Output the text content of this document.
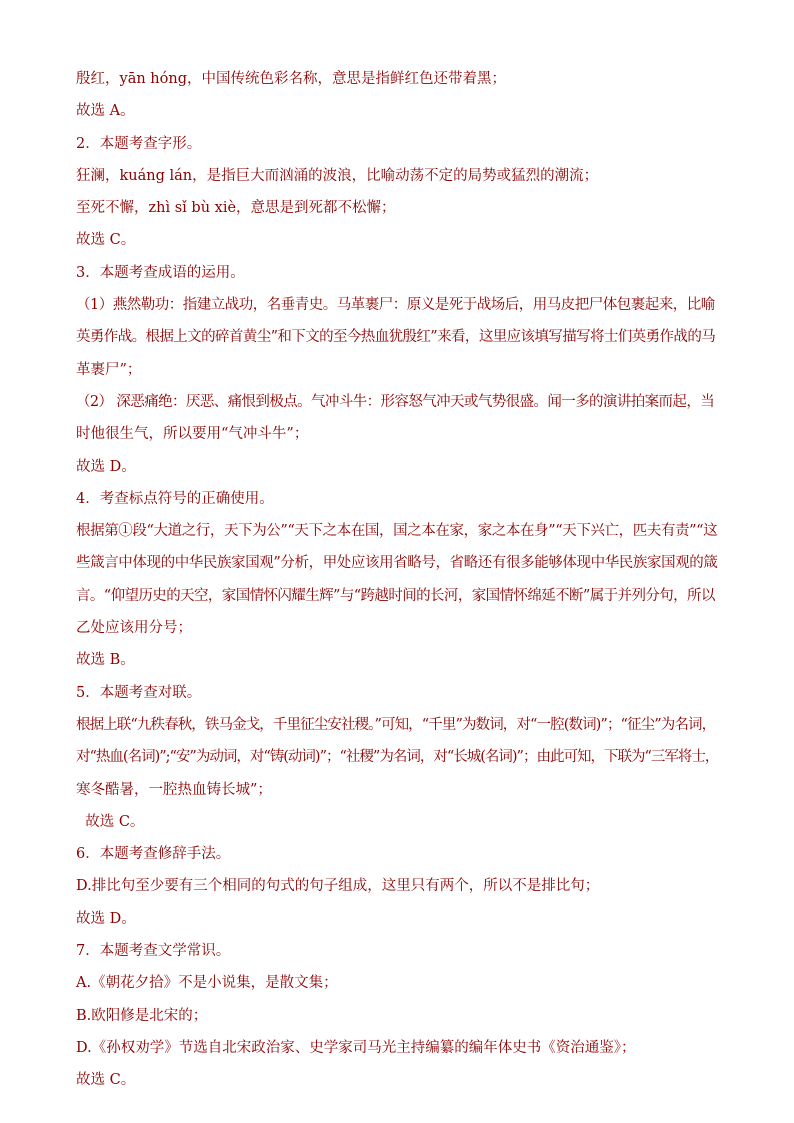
殷红，yān hóng，中国传统色彩名称，意思是指鲜红色还带着黑；

故选 A。

2．本题考查字形。

狂澜，kuáng lán，是指巨大而汹涌的波浪，比喻动荡不定的局势或猛烈的潮流；

至死不懈，zhì sǐ bù xiè，意思是到死都不松懈；

故选 C。

3．本题考查成语的运用。

（1）燕然勒功：指建立战功，名垂青史。马革裹尸：原义是死于战场后，用马皮把尸体包裹起来，比喻

英勇作战。根据上文的碎首黄尘”和下文的至今热血犹殷红”来看，这里应该填写描写将士们英勇作战的马

革裹尸”；

（2） 深恶痛绝：厌恶、痛恨到极点。气冲斗牛：形容怒气冲天或气势很盛。闻一多的演讲拍案而起，当

时他很生气，所以要用“气冲斗牛”；

故选 D。

4．考查标点符号的正确使用。

根据第①段“大道之行，天下为公”“天下之本在国，国之本在家，家之本在身”“天下兴亡，匹夫有责”“这

些箴言中体现的中华民族家国观”分析，甲处应该用省略号，省略还有很多能够体现中华民族家国观的箴

言。“仰望历史的天空，家国情怀闪耀生辉”与“跨越时间的长河，家国情怀绵延不断”属于并列分句，所以

乙处应该用分号；

故选 B。

5．本题考查对联。

根据上联“九秩春秋，铁马金戈，千里征尘安社稷。”可知，“千里”为数词，对“一腔(数词)”；“征尘”为名词，

对“热血(名词)”;“安”为动词，对“铸(动词)”；“社稷”为名词，对“长城(名词)”；由此可知，下联为“三军将士，

寒冬酷暑，一腔热血铸长城”；

故选 C。

6．本题考查修辞手法。

D.排比句至少要有三个相同的句式的句子组成，这里只有两个，所以不是排比句；

故选 D。

7．本题考查文学常识。

A.《朝花夕拾》不是小说集，是散文集；

B.欧阳修是北宋的；

D.《孙权劝学》节选自北宋政治家、史学家司马光主持编纂的编年体史书《资治通鉴》；

故选 C。
